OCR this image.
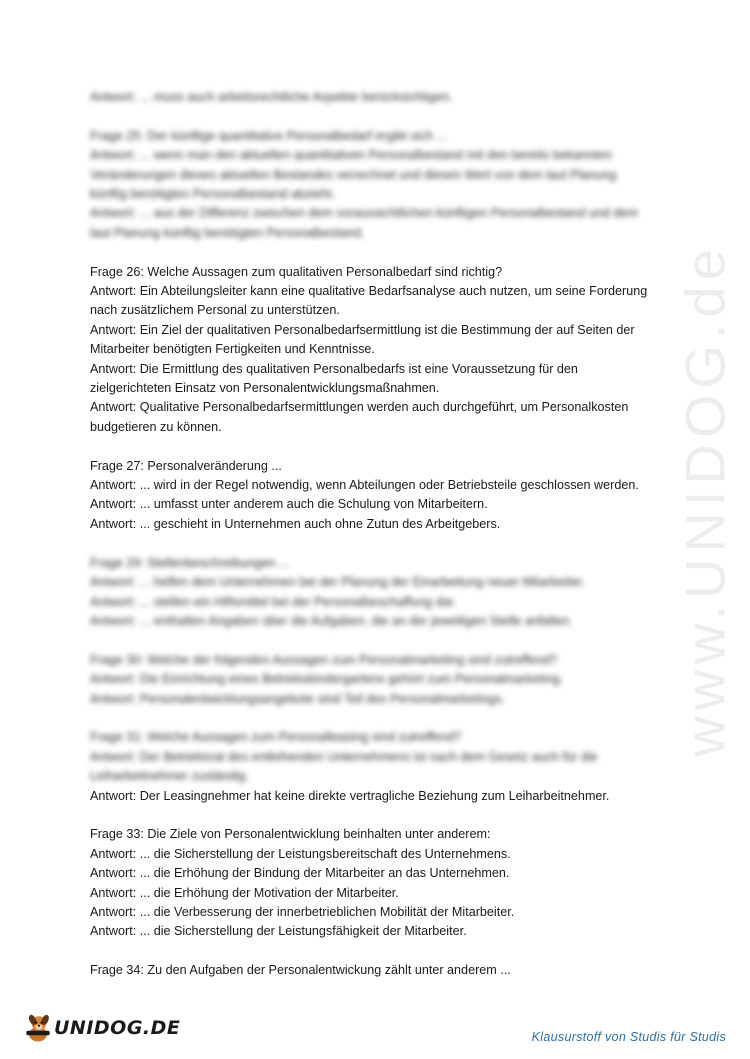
www.UNIDOG.de
Antwort: ... muss auch arbeitsrechtliche Aspekte berücksichtigen.
Frage 25: Der künftige quantitative Personalbedarf ergibt sich ...
Antwort: ... wenn man den aktuellen quantitativen Personalbestand mit den bereits bekannten
Veränderungen dieses aktuellen Bestandes verrechnet und diesen Wert von dem laut Planung
künftig benötigten Personalbestand abzieht.
Antwort: ... aus der Differenz zwischen dem voraussichtlichen künftigen Personalbestand und dem
laut Planung künftig benötigten Personalbestand.
Frage 26: Welche Aussagen zum qualitativen Personalbedarf sind richtig?
Antwort: Ein Abteilungsleiter kann eine qualitative Bedarfsanalyse auch nutzen, um seine Forderung
nach zusätzlichem Personal zu unterstützen.
Antwort: Ein Ziel der qualitativen Personalbedarfsermittlung ist die Bestimmung der auf Seiten der
Mitarbeiter benötigten Fertigkeiten und Kenntnisse.
Antwort: Die Ermittlung des qualitativen Personalbedarfs ist eine Voraussetzung für den
zielgerichteten Einsatz von Personalentwicklungsmaßnahmen.
Antwort: Qualitative Personalbedarfsermittlungen werden auch durchgeführt, um Personalkosten
budgetieren zu können.
Frage 27: Personalveränderung ...
Antwort: ... wird in der Regel notwendig, wenn Abteilungen oder Betriebsteile geschlossen werden.
Antwort: ... umfasst unter anderem auch die Schulung von Mitarbeitern.
Antwort: ... geschieht in Unternehmen auch ohne Zutun des Arbeitgebers.
Frage 29: Stellenbeschreibungen ...
Antwort: ... helfen dem Unternehmen bei der Planung der Einarbeitung neuer Mitarbeiter.
Antwort: ... stellen ein Hilfsmittel bei der Personalbeschaffung dar.
Antwort: ... enthalten Angaben über die Aufgaben, die an der jeweiligen Stelle anfallen.
Frage 30: Welche der folgenden Aussagen zum Personalmarketing sind zutreffend?
Antwort: Die Einrichtung eines Betriebskindergartens gehört zum Personalmarketing.
Antwort: Personalentwicklungsangebote sind Teil des Personalmarketings.
Frage 31: Welche Aussagen zum Personalleasing sind zutreffend?
Antwort: Der Betriebsrat des entleihenden Unternehmens ist nach dem Gesetz auch für die
Leiharbeitnehmer zuständig.
Antwort: Der Leasingnehmer hat keine direkte vertragliche Beziehung zum Leiharbeitnehmer.
Frage 33: Die Ziele von Personalentwicklung beinhalten unter anderem:
Antwort: ... die Sicherstellung der Leistungsbereitschaft des Unternehmens.
Antwort: ... die Erhöhung der Bindung der Mitarbeiter an das Unternehmen.
Antwort: ... die Erhöhung der Motivation der Mitarbeiter.
Antwort: ... die Verbesserung der innerbetrieblichen Mobilität der Mitarbeiter.
Antwort: ... die Sicherstellung der Leistungsfähigkeit der Mitarbeiter.
Frage 34: Zu den Aufgaben der Personalentwickung zählt unter anderem ...
UNIDOG.DE	Klausurstoff von Studis für Studis
